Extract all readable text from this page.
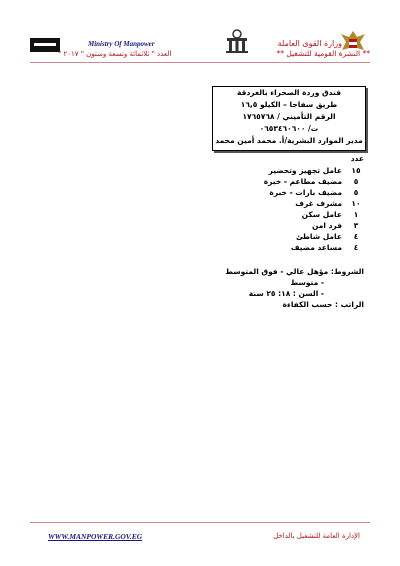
Ministry Of Manpower
العدد " ثلاثمائة وتسعة وستون " ٢٠١٧ "
وزارة القوى العاملة
** النشرة القومية للتشغيل **
فندق وردة الصحراء بالغردقة
طريق سفاجا – الكيلو ١٦,٥
الرقم التأميني / ١٧٦٥٧٦٨
ت/ ٠٦٥٣٤٦٠٦٠٠
مدير الموارد البشرية/أ. محمد أمين محمد
عدد
١٥
عامل تجهيز وتحضير
٥
مضيف مطاعم - خبرة
٥
مضيف بارات - خبرة
١٠
مشرف غرف
١
عامل سكن
٣
فرد امن
٤
عامل شاطئ
٤
مساعد مضيف
الشروط: مؤهل عالي - فوق المتوسط
- متوسط
- السن : ١٨: ٢٥ سنة
الراتب : حسب الكفاءة
WWW.MANPOWER.GOV.EG	الإدارة العامة للتشغيل بالداخل
